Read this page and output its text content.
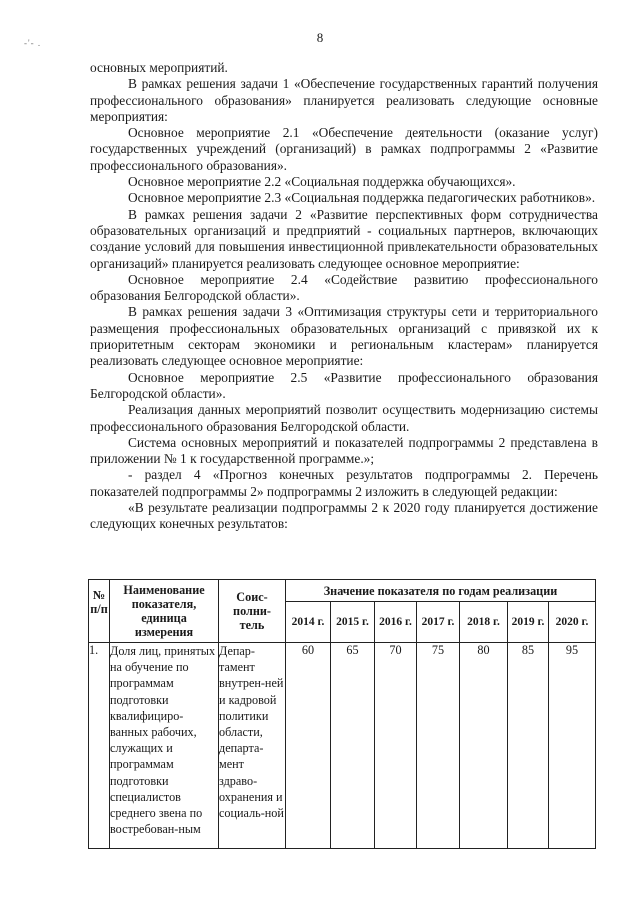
8
-'- .

основных мероприятий.

В рамках решения задачи 1 «Обеспечение государственных гарантий получения профессионального образования» планируется реализовать следующие основные мероприятия:

Основное мероприятие 2.1 «Обеспечение деятельности (оказание услуг) государственных учреждений (организаций) в рамках подпрограммы 2 «Развитие профессионального образования».

Основное мероприятие 2.2 «Социальная поддержка обучающихся».

Основное мероприятие 2.3 «Социальная поддержка педагогических работников».

В рамках решения задачи 2 «Развитие перспективных форм сотрудничества образовательных организаций и предприятий - социальных партнеров, включающих создание условий для повышения инвестиционной привлекательности образовательных организаций» планируется реализовать следующее основное мероприятие:

Основное мероприятие 2.4 «Содействие развитию профессионального образования Белгородской области».

В рамках решения задачи 3 «Оптимизация структуры сети и территориального размещения профессиональных образовательных организаций с привязкой их к приоритетным секторам экономики и региональным кластерам» планируется реализовать следующее основное мероприятие:

Основное мероприятие 2.5 «Развитие профессионального образования Белгородской области».

Реализация данных мероприятий позволит осуществить модернизацию системы профессионального образования Белгородской области.

Система основных мероприятий и показателей подпрограммы 2 представлена в приложении № 1 к государственной программе.»;

- раздел 4 «Прогноз конечных результатов подпрограммы 2. Перечень показателей подпрограммы 2» подпрограммы 2 изложить в следующей редакции:

«В результате реализации подпрограммы 2 к 2020 году планируется достижение следующих конечных результатов:

№ п/п	Наименование показателя, единица измерения	Соис-полни-тель	Значение показателя по годам реализации						
			2014 г.	2015 г.	2016 г.	2017 г.	2018 г.	2019 г.	2020 г.
1.	Доля лиц, принятых на обучение по программам подготовки квалифициро-ванных рабочих, служащих и программам подготовки специалистов среднего звена по востребован-ным	Депар-тамент внутрен-ней и кадровой политики области, департа-мент здраво-охранения и социаль-ной	60	65	70	75	80	85	95
